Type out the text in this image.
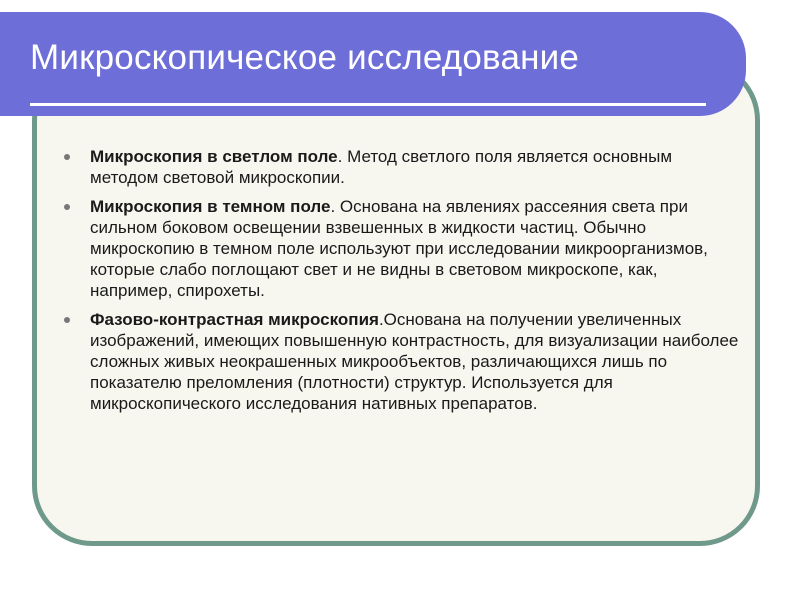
Микроскопическое исследование
Микроскопия в светлом поле. Метод светлого поля является основным методом световой микроскопии.
Микроскопия в темном поле. Основана на явлениях рассеяния света при сильном боковом освещении взвешенных в жидкости частиц. Обычно микроскопию в темном поле используют при исследовании микроорганизмов, которые слабо поглощают свет и не видны в световом микроскопе, как, например, спирохеты.
Фазово-контрастная микроскопия.Основана на получении увеличенных изображений, имеющих повышенную контрастность, для визуализации наиболее сложных живых неокрашенных микрообъектов, различающихся лишь по показателю преломления (плотности) структур. Используется для микроскопического исследования нативных препаратов.
